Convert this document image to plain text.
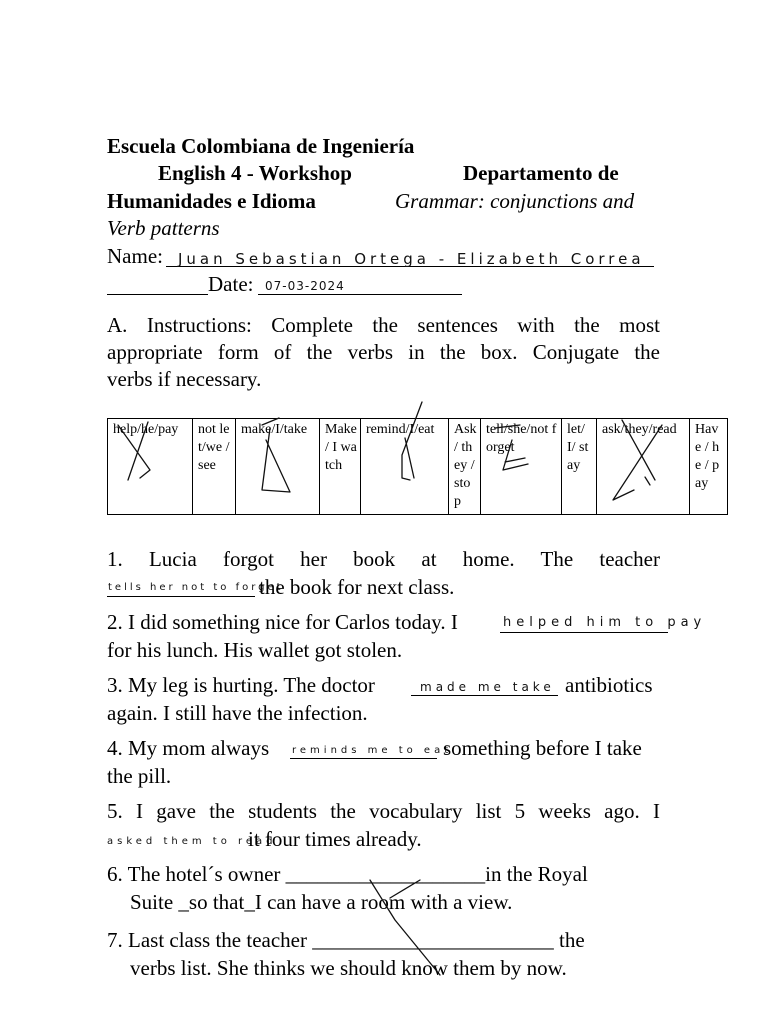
Escuela Colombiana de Ingeniería
English 4 - Workshop	Departamento de
Humanidades e Idioma	Grammar: conjunctions and
Verb patterns
Name: Juan Sebastian Ortega - Elizabeth Correa
Date: 07-03-2024
A. Instructions: Complete the sentences with the most
appropriate form of the verbs in the box. Conjugate the
verbs if necessary.
help/he/pay	not let/we / see	make/I/take	Make / I watch	remind/I/eat	Ask / they / stop	tell/she/not forget	let/I/ stay	ask/they/read	Have / he / pay
1. Lucia forgot her book at home. The teacher
tells her not to forget
the book for next class.
2. I did something nice for Carlos today. I	helped him to pay
for his lunch. His wallet got stolen.
3. My leg is hurting. The doctor	made me take antibiotics
again. I still have the infection.
4. My mom always reminds me to eat
something before I take
the pill.
5. I gave the students the vocabulary list 5 weeks ago. I
asked them to read
it four times already.
6. The hotel´s owner ___________________in the Royal
Suite _so that_I can have a room with a view.
7. Last class the teacher _______________________ the
verbs list. She thinks we should know them by now.
